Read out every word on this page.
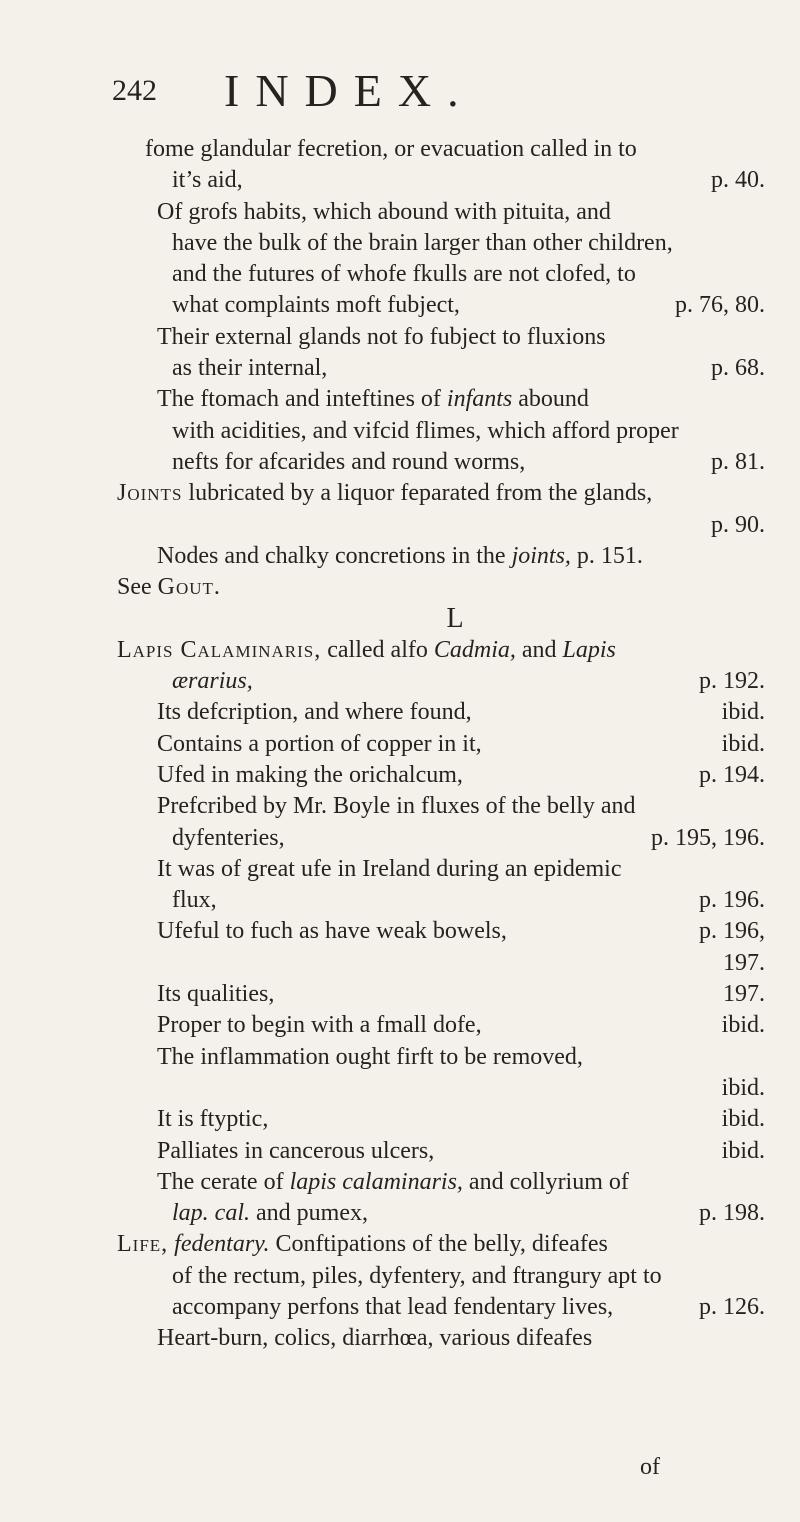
242 INDEX.
fome glandular fecretion, or evacuation called in to
it’s aid,	p. 40.
Of grofs habits, which abound with pituita, and
have the bulk of the brain larger than other children,
and the futures of whofe fkulls are not clofed, to
what complaints moft fubject,	p. 76, 80.
Their external glands not fo fubject to fluxions
as their internal,	p. 68.
The ftomach and inteftines of infants abound
with acidities, and vifcid flimes, which afford proper
nefts for afcarides and round worms,	p. 81.
Joints lubricated by a liquor feparated from the glands,
p. 90.
Nodes and chalky concretions in the joints, p. 151.
See Gout.
L
Lapis Calaminaris, called alfo Cadmia, and Lapis
ærarius,	p. 192.
Its defcription, and where found,	ibid.
Contains a portion of copper in it,	ibid.
Ufed in making the orichalcum,	p. 194.
Prefcribed by Mr. Boyle in fluxes of the belly and
dyfenteries,	p. 195, 196.
It was of great ufe in Ireland during an epidemic
flux,	p. 196.
Ufeful to fuch as have weak bowels,	p. 196,
197.
Its qualities,	197.
Proper to begin with a fmall dofe,	ibid.
The inflammation ought firft to be removed,
ibid.
It is ftyptic,	ibid.
Palliates in cancerous ulcers,	ibid.
The cerate of lapis calaminaris, and collyrium of
lap. cal. and pumex,	p. 198.
Life, fedentary. Conftipations of the belly, difeafes
of the rectum, piles, dyfentery, and ftrangury apt to
accompany perfons that lead fendentary lives,	p. 126.
Heart-burn, colics, diarrhœa, various difeafes
of
